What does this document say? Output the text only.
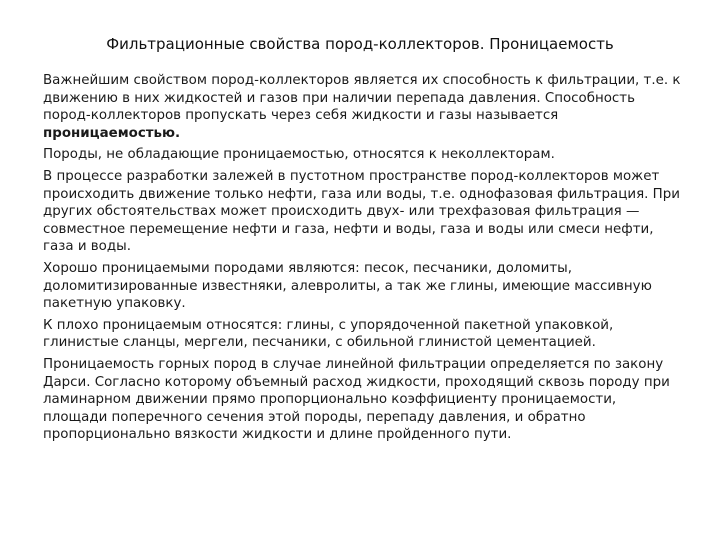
Фильтрационные свойства пород-коллекторов. Проницаемость

Важнейшим свойством пород-коллекторов является их способность к фильтрации, т.е. к движению в них жидкостей и газов при наличии перепада давления. Способность пород-коллекторов пропускать через себя жидкости и газы называется проницаемостью.

Породы, не обладающие проницаемостью, относятся к неколлекторам.

В процессе разработки залежей в пустотном пространстве пород-коллекторов может происходить движение только нефти, газа или воды, т.е. однофазовая фильтрация. При других обстоятельствах может происходить двух- или трехфазовая фильтрация — совместное перемещение нефти и газа, нефти и воды, газа и воды или смеси нефти, газа и воды.

Хорошо проницаемыми породами являются: песок, песчаники, доломиты, доломитизированные известняки, алевролиты, а так же глины, имеющие массивную пакетную упаковку.

К плохо проницаемым относятся: глины, с упорядоченной пакетной упаковкой, глинистые сланцы, мергели, песчаники, с обильной глинистой цементацией.

Проницаемость горных пород в случае линейной фильтрации определяется по закону Дарси. Согласно которому объемный расход жидкости, проходящий сквозь породу при ламинарном движении прямо пропорционально коэффициенту проницаемости, площади поперечного сечения этой породы, перепаду давления, и обратно пропорционально вязкости жидкости и длине пройденного пути.
